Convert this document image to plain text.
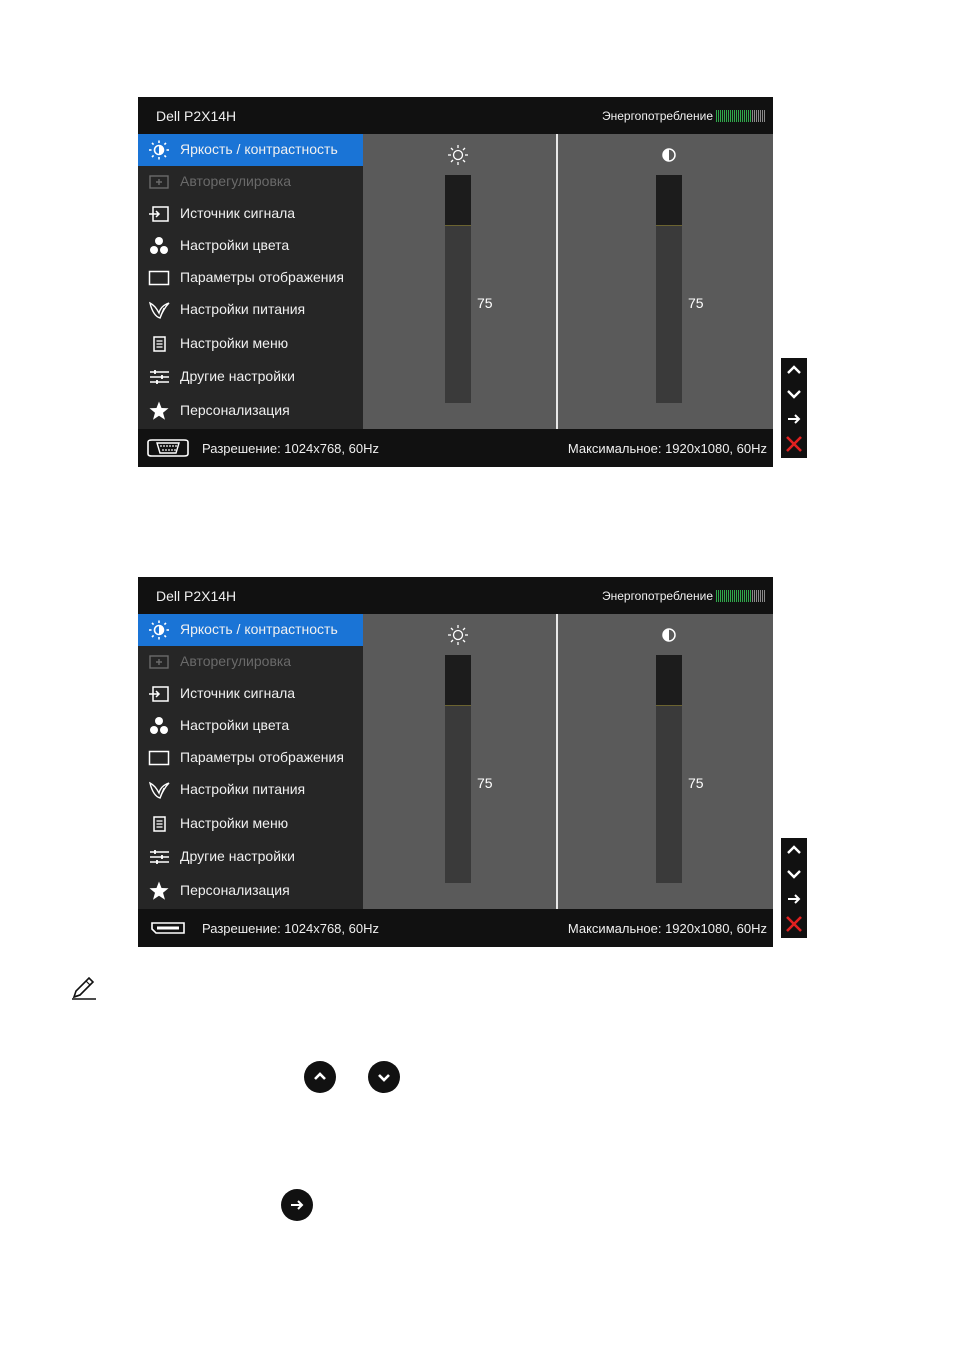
Dell P2X14H	Энергопотребление
Яркость / контрастность
Авторегулировка
Источник сигнала
Настройки цвета
Параметры отображения
Настройки питания
Настройки меню
Другие настройки
Персонализация
75	75
Разрешение: 1024x768, 60Hz	Максимальное: 1920x1080, 60Hz
Dell P2X14H	Энергопотребление
Яркость / контрастность
Авторегулировка
Источник сигнала
Настройки цвета
Параметры отображения
Настройки питания
Настройки меню
Другие настройки
Персонализация
75	75
Разрешение: 1024x768, 60Hz	Максимальное: 1920x1080, 60Hz
